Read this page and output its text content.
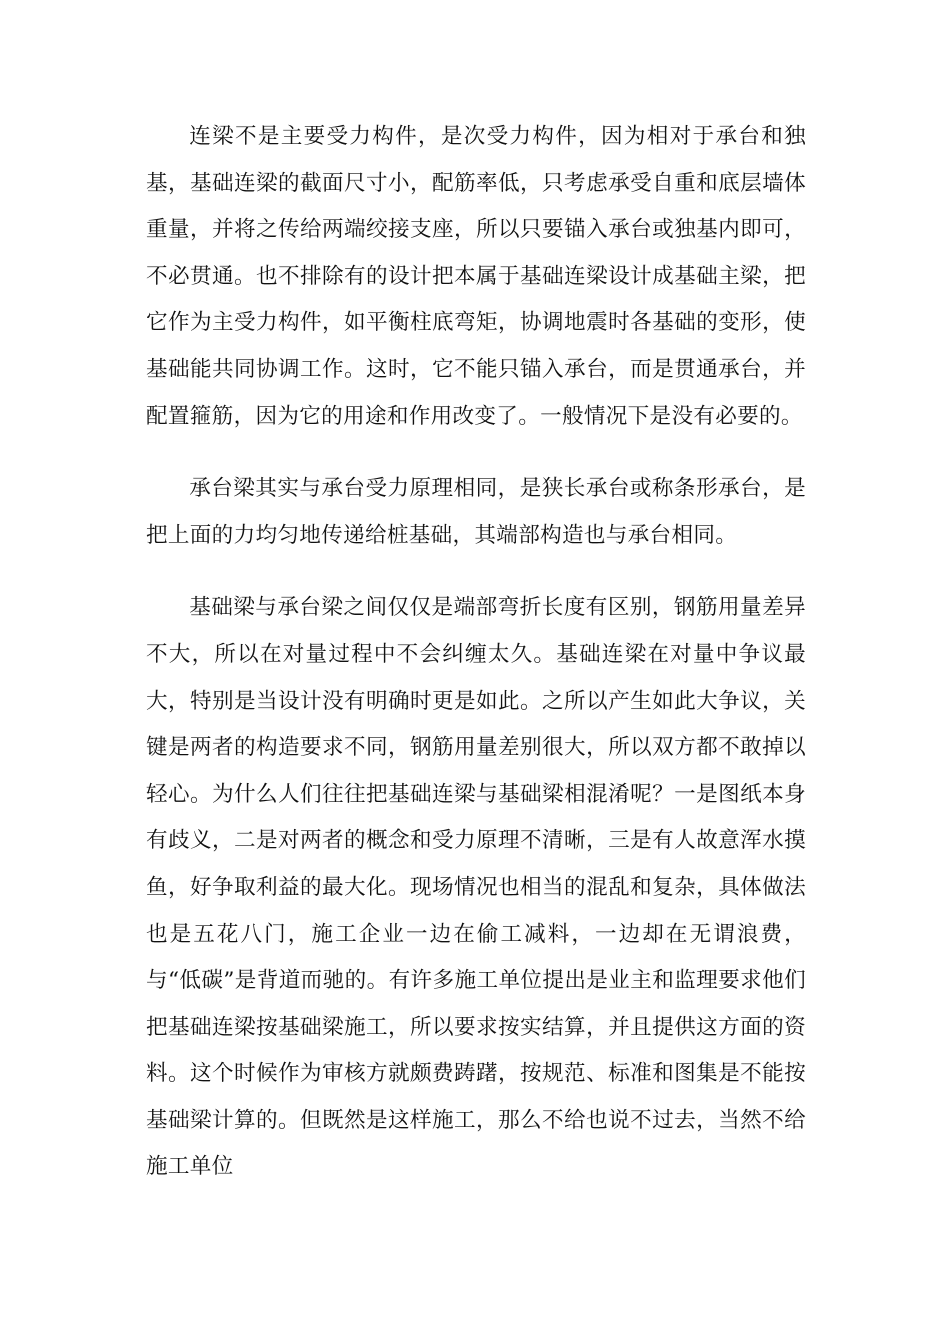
连梁不是主要受力构件，是次受力构件，因为相对于承台和独基，基础连梁的截面尺寸小，配筋率低，只考虑承受自重和底层墙体重量，并将之传给两端绞接支座，所以只要锚入承台或独基内即可，不必贯通。也不排除有的设计把本属于基础连梁设计成基础主梁，把它作为主受力构件，如平衡柱底弯矩，协调地震时各基础的变形，使基础能共同协调工作。这时，它不能只锚入承台，而是贯通承台，并配置箍筋，因为它的用途和作用改变了。一般情况下是没有必要的。

承台梁其实与承台受力原理相同，是狭长承台或称条形承台，是把上面的力均匀地传递给桩基础，其端部构造也与承台相同。

基础梁与承台梁之间仅仅是端部弯折长度有区别，钢筋用量差异不大，所以在对量过程中不会纠缠太久。基础连梁在对量中争议最大，特别是当设计没有明确时更是如此。之所以产生如此大争议，关键是两者的构造要求不同，钢筋用量差别很大，所以双方都不敢掉以轻心。为什么人们往往把基础连梁与基础梁相混淆呢？一是图纸本身有歧义，二是对两者的概念和受力原理不清晰，三是有人故意浑水摸鱼，好争取利益的最大化。现场情况也相当的混乱和复杂，具体做法也是五花八门，施工企业一边在偷工减料，一边却在无谓浪费，与“低碳”是背道而驰的。有许多施工单位提出是业主和监理要求他们把基础连梁按基础梁施工，所以要求按实结算，并且提供这方面的资料。这个时候作为审核方就颇费踌躇，按规范、标准和图集是不能按基础梁计算的。但既然是这样施工，那么不给也说不过去，当然不给施工单位
